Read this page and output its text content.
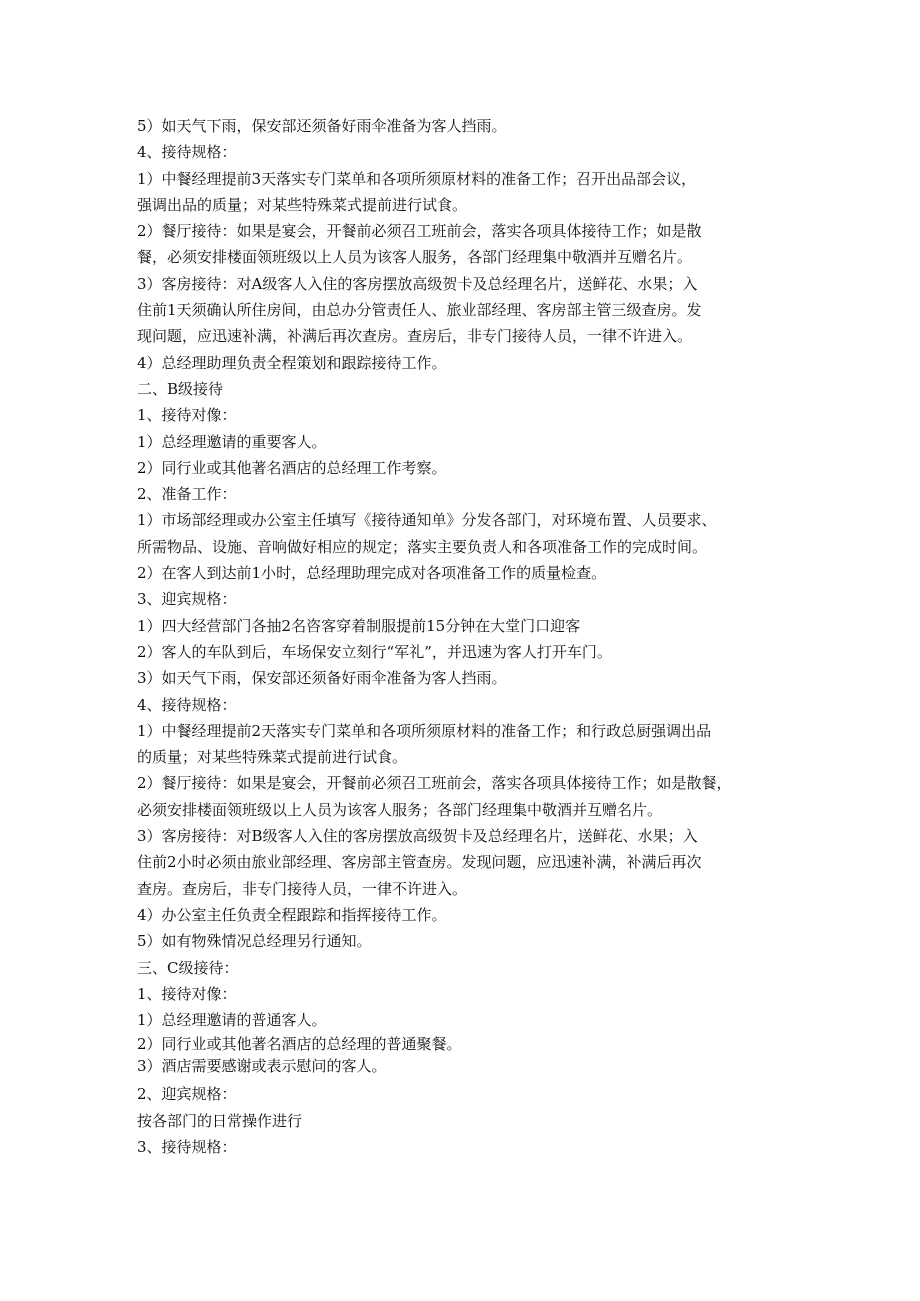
5）如天气下雨，保安部还须备好雨伞准备为客人挡雨。
4、接待规格：
1）中餐经理提前3天落实专门菜单和各项所须原材料的准备工作；召开出品部会议，
强调出品的质量；对某些特殊菜式提前进行试食。
2）餐厅接待：如果是宴会，开餐前必须召工班前会，落实各项具体接待工作；如是散
餐，必须安排楼面领班级以上人员为该客人服务，各部门经理集中敬酒并互赠名片。
3）客房接待：对A级客人入住的客房摆放高级贺卡及总经理名片，送鲜花、水果；入
住前1天须确认所住房间，由总办分管责任人、旅业部经理、客房部主管三级查房。发
现问题，应迅速补满，补满后再次查房。查房后，非专门接待人员，一律不许进入。
4）总经理助理负责全程策划和跟踪接待工作。
二、B级接待
1、接待对像：
1）总经理邀请的重要客人。
2）同行业或其他著名酒店的总经理工作考察。
2、准备工作：
1）市场部经理或办公室主任填写《接待通知单》分发各部门，对环境布置、人员要求、
所需物品、设施、音响做好相应的规定；落实主要负责人和各项准备工作的完成时间。
2）在客人到达前1小时，总经理助理完成对各项准备工作的质量检查。
3、迎宾规格：
1）四大经营部门各抽2名咨客穿着制服提前15分钟在大堂门口迎客
2）客人的车队到后，车场保安立刻行“军礼”，并迅速为客人打开车门。
3）如天气下雨，保安部还须备好雨伞准备为客人挡雨。
4、接待规格：
1）中餐经理提前2天落实专门菜单和各项所须原材料的准备工作；和行政总厨强调出品
的质量；对某些特殊菜式提前进行试食。
2）餐厅接待：如果是宴会，开餐前必须召工班前会，落实各项具体接待工作；如是散餐，
必须安排楼面领班级以上人员为该客人服务；各部门经理集中敬酒并互赠名片。
3）客房接待：对B级客人入住的客房摆放高级贺卡及总经理名片，送鲜花、水果；入
住前2小时必须由旅业部经理、客房部主管查房。发现问题，应迅速补满，补满后再次
查房。查房后，非专门接待人员，一律不许进入。
4）办公室主任负责全程跟踪和指挥接待工作。
5）如有物殊情况总经理另行通知。
三、C级接待：
1、接待对像：
1）总经理邀请的普通客人。
2）同行业或其他著名酒店的总经理的普通聚餐。
3）酒店需要感谢或表示慰问的客人。
2、迎宾规格：
按各部门的日常操作进行
3、接待规格：
